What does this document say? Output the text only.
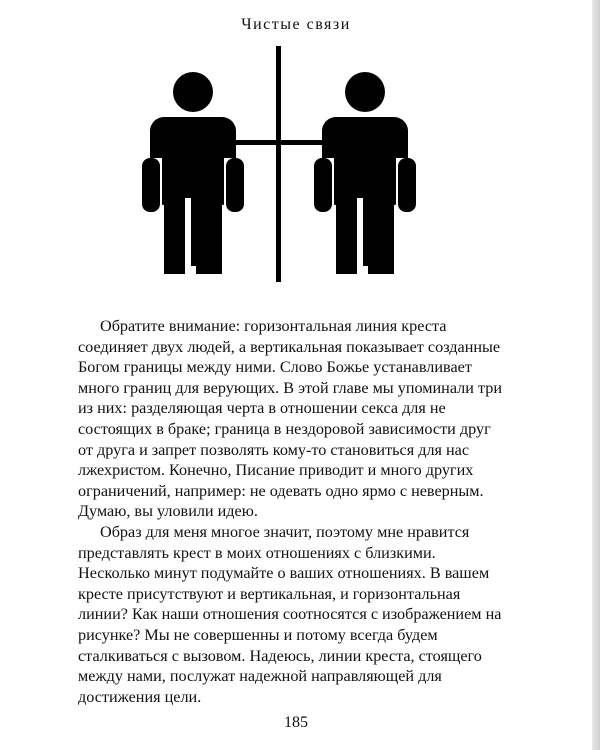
Чистые связи

Обратите внимание: горизонтальная линия креста соединяет двух людей, а вертикальная показывает созданные Богом границы между ними. Слово Божье устанавливает много границ для верующих. В этой главе мы упоминали три из них: разделяющая черта в отношении секса для не состоящих в браке; граница в нездоровой зависимости друг от друга и запрет позволять кому-то становиться для нас лжехристом. Конечно, Писание приводит и много других ограничений, например: не одевать одно ярмо с неверным. Думаю, вы уловили идею.

Образ для меня многое значит, поэтому мне нравится представлять крест в моих отношениях с близкими. Несколько минут подумайте о ваших отношениях. В вашем кресте присутствуют и вертикальная, и горизонтальная линии? Как наши отношения соотносятся с изображением на рисунке? Мы не совершенны и потому всегда будем сталкиваться с вызовом. Надеюсь, линии креста, стоящего между нами, послужат надежной направляющей для достижения цели.

185
